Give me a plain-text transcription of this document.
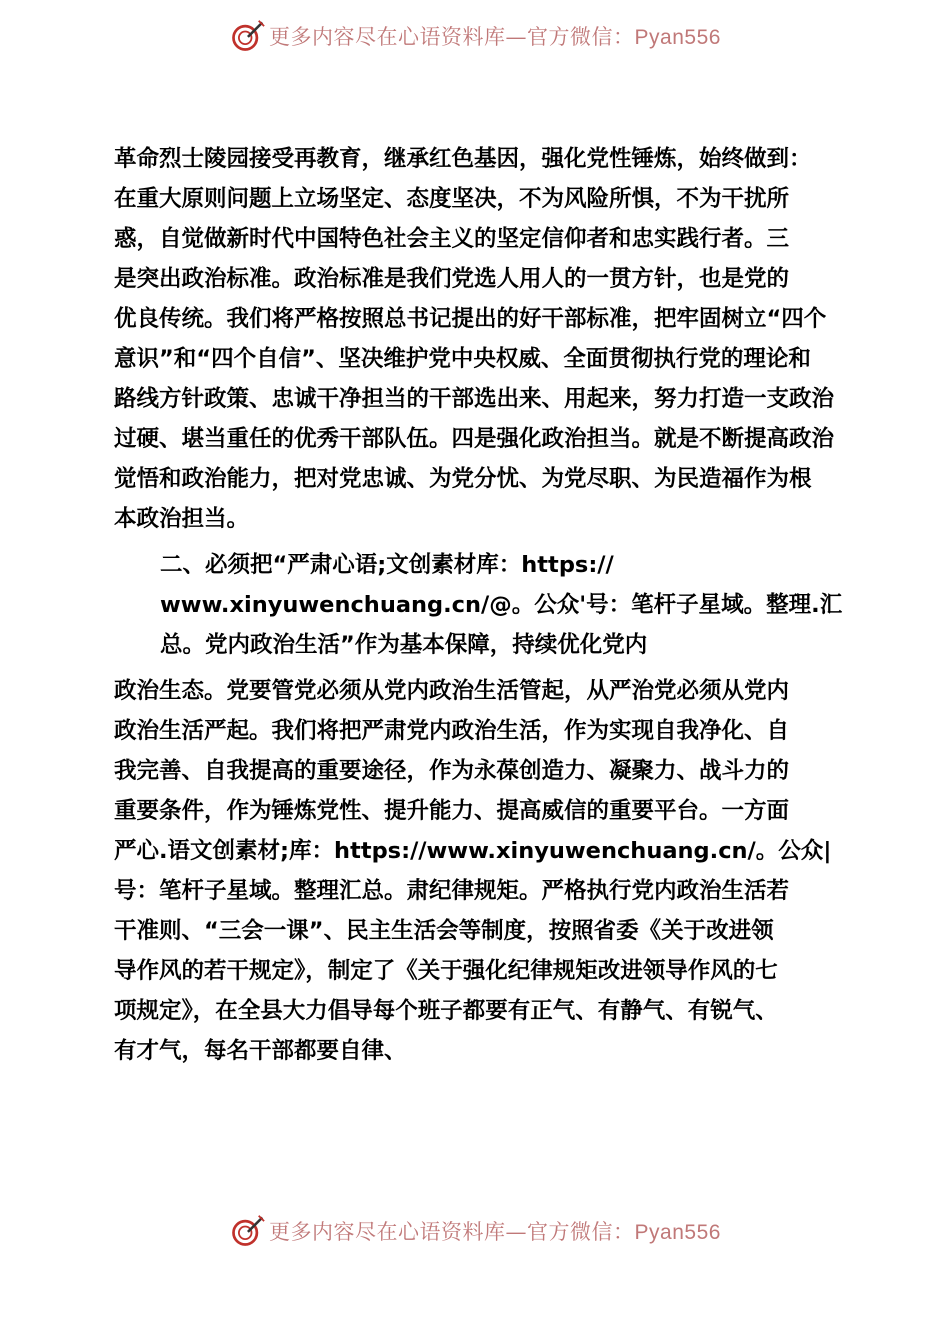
更多内容尽在心语资料库—官方微信：Pyan556
革命烈士陵园接受再教育，继承红色基因，强化党性锤炼，始终做到：
在重大原则问题上立场坚定、态度坚决，不为风险所惧，不为干扰所
惑，自觉做新时代中国特色社会主义的坚定信仰者和忠实践行者。三
是突出政治标准。政治标准是我们党选人用人的一贯方针，也是党的
优良传统。我们将严格按照总书记提出的好干部标准，把牢固树立“四个
意识”和“四个自信”、坚决维护党中央权威、全面贯彻执行党的理论和
路线方针政策、忠诚干净担当的干部选出来、用起来，努力打造一支政治
过硬、堪当重任的优秀干部队伍。四是强化政治担当。就是不断提高政治
觉悟和政治能力，把对党忠诚、为党分忧、为党尽职、为民造福作为根
本政治担当。
二、必须把“严肃心语;文创素材库：https://
www.xinyuwenchuang.cn/@。公众'号：笔杆子星域。整理.汇
总。党内政治生活”作为基本保障，持续优化党内
政治生态。党要管党必须从党内政治生活管起，从严治党必须从党内
政治生活严起。我们将把严肃党内政治生活，作为实现自我净化、自
我完善、自我提高的重要途径，作为永葆创造力、凝聚力、战斗力的
重要条件，作为锤炼党性、提升能力、提高威信的重要平台。一方面
严心.语文创素材;库：https://www.xinyuwenchuang.cn/。公众|
号：笔杆子星域。整理汇总。肃纪律规矩。严格执行党内政治生活若
干准则、“三会一课”、民主生活会等制度，按照省委《关于改进领
导作风的若干规定》，制定了《关于强化纪律规矩改进领导作风的七
项规定》，在全县大力倡导每个班子都要有正气、有静气、有锐气、
有才气，每名干部都要自律、
更多内容尽在心语资料库—官方微信：Pyan556
